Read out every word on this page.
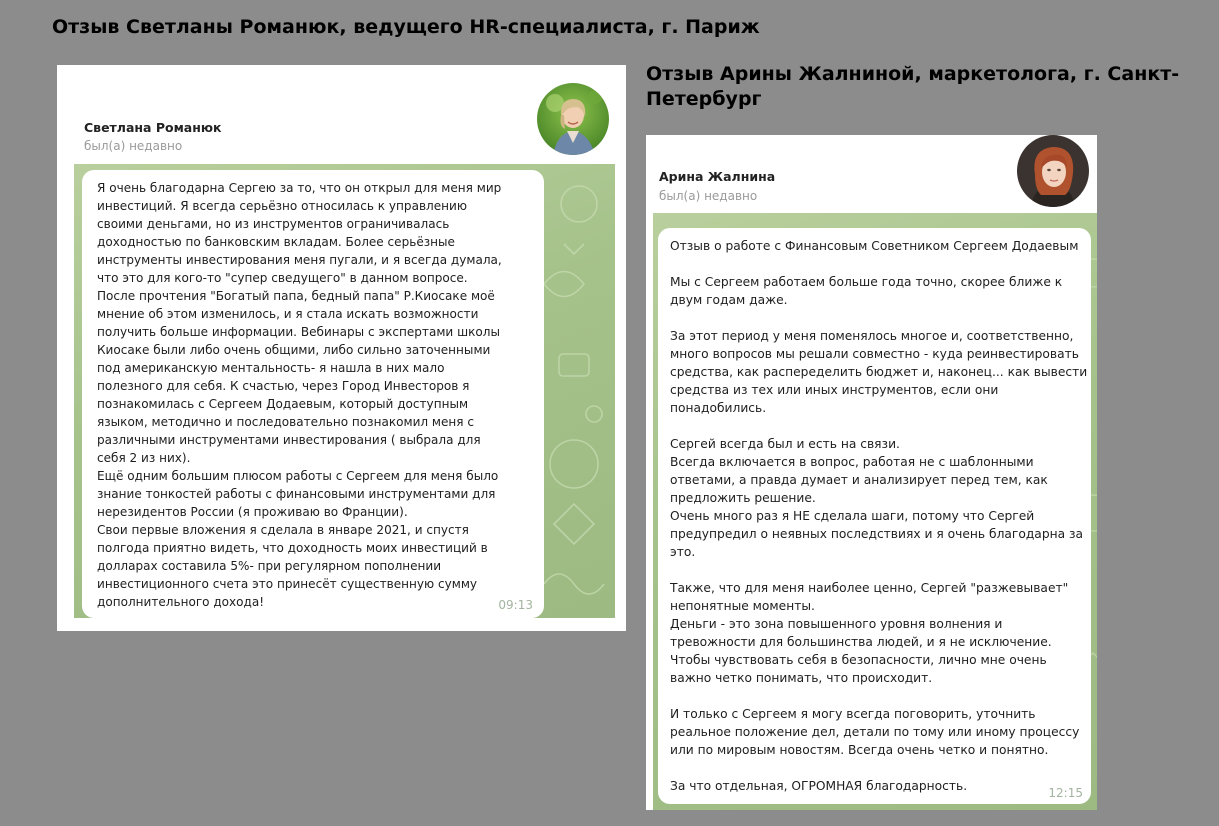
Отзыв Светланы Романюк, ведущего HR-специалиста, г. Париж
Отзыв Арины Жалниной, маркетолога, г. Санкт-Петербург
Светлана Романюк
был(а) недавно
Я очень благодарна Сергею за то, что он открыл для меня мир
инвестиций. Я всегда серьёзно относилась к управлению
своими деньгами, но из инструментов ограничивалась
доходностью по банковским вкладам. Более серьёзные
инструменты инвестирования меня пугали, и я всегда думала,
что это для кого-то "супер сведущего" в данном вопросе.
После прочтения "Богатый папа, бедный папа" Р.Киосаке моё
мнение об этом изменилось, и я стала искать возможности
получить больше информации. Вебинары с экспертами школы
Киосаке были либо очень общими, либо сильно заточенными
под американскую ментальность- я нашла в них мало
полезного для себя. К счастью, через Город Инвесторов я
познакомилась с Сергеем Додаевым, который доступным
языком, методично и последовательно познакомил меня с
различными инструментами инвестирования ( выбрала для
себя 2 из них).
Ещё одним большим плюсом работы с Сергеем для меня было
знание тонкостей работы с финансовыми инструментами для
нерезидентов России (я проживаю во Франции).
Свои первые вложения я сделала в январе 2021, и спустя
полгода приятно видеть, что доходность моих инвестиций в
долларах составила 5%- при регулярном пополнении
инвестиционного счета это принесёт существенную сумму
дополнительного дохода!	09:13
Арина Жалнина
был(а) недавно
Отзыв о работе с Финансовым Советником Сергеем Додаевым

Мы с Сергеем работаем больше года точно, скорее ближе к
двум годам даже.

За этот период у меня поменялось многое и, соответственно,
много вопросов мы решали совместно - куда реинвестировать
средства, как распеределить бюджет и, наконец... как вывести
средства из тех или иных инструментов, если они
понадобились.

Сергей всегда был и есть на связи.
Всегда включается в вопрос, работая не с шаблонными
ответами, а правда думает и анализирует перед тем, как
предложить решение.
Очень много раз я НЕ сделала шаги, потому что Сергей
предупредил о неявных последствиях и я очень благодарна за
это.

Также, что для меня наиболее ценно, Сергей "разжевывает"
непонятные моменты.
Деньги - это зона повышенного уровня волнения и
тревожности для большинства людей, и я не исключение.
Чтобы чувствовать себя в безопасности, лично мне очень
важно четко понимать, что происходит.

И только с Сергеем я могу всегда поговорить, уточнить
реальное положение дел, детали по тому или иному процессу
или по мировым новостям. Всегда очень четко и понятно.

За что отдельная, ОГРОМНАЯ благодарность.	12:15
